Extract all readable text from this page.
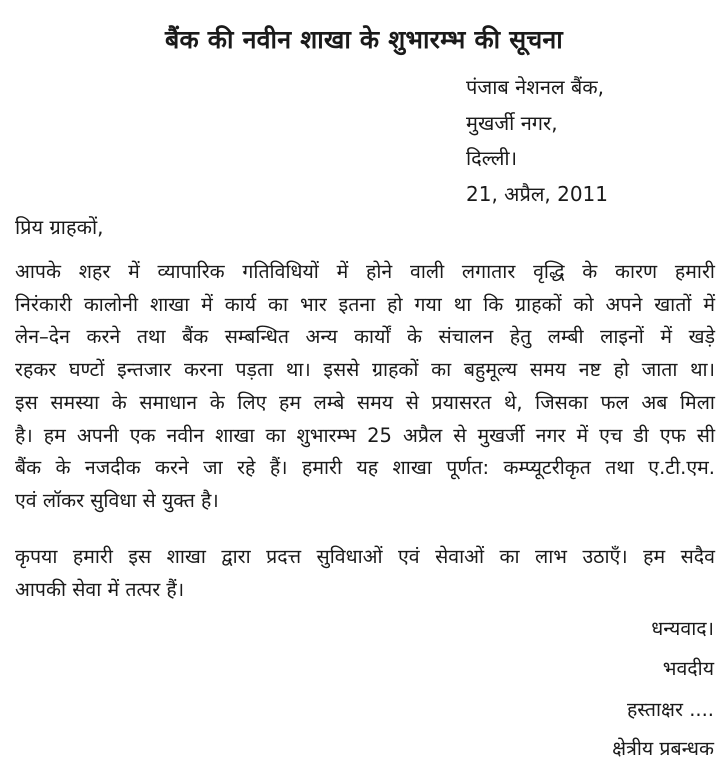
बैंक की नवीन शाखा के शुभारम्भ की सूचना
पंजाब नेशनल बैंक,
मुखर्जी नगर,
दिल्ली।
21, अप्रैल, 2011
प्रिय ग्राहकों,
आपके शहर में व्यापारिक गतिविधियों में होने वाली लगातार वृद्धि के कारण हमारी
निरंकारी कालोनी शाखा में कार्य का भार इतना हो गया था कि ग्राहकों को अपने खातों में
लेन–देन करने तथा बैंक सम्बन्धित अन्य कार्यों के संचालन हेतु लम्बी लाइनों में खड़े
रहकर घण्टों इन्तजार करना पड़ता था। इससे ग्राहकों का बहुमूल्य समय नष्ट हो जाता था।
इस समस्या के समाधान के लिए हम लम्बे समय से प्रयासरत थे, जिसका फल अब मिला
है। हम अपनी एक नवीन शाखा का शुभारम्भ 25 अप्रैल से मुखर्जी नगर में एच डी एफ सी
बैंक के नजदीक करने जा रहे हैं। हमारी यह शाखा पूर्णत: कम्प्यूटरीकृत तथा ए.टी.एम.
एवं लॉकर सुविधा से युक्त है।
कृपया हमारी इस शाखा द्वारा प्रदत्त सुविधाओं एवं सेवाओं का लाभ उठाएँ। हम सदैव
आपकी सेवा में तत्पर हैं।
धन्यवाद।
भवदीय
हस्ताक्षर ....
क्षेत्रीय प्रबन्धक
